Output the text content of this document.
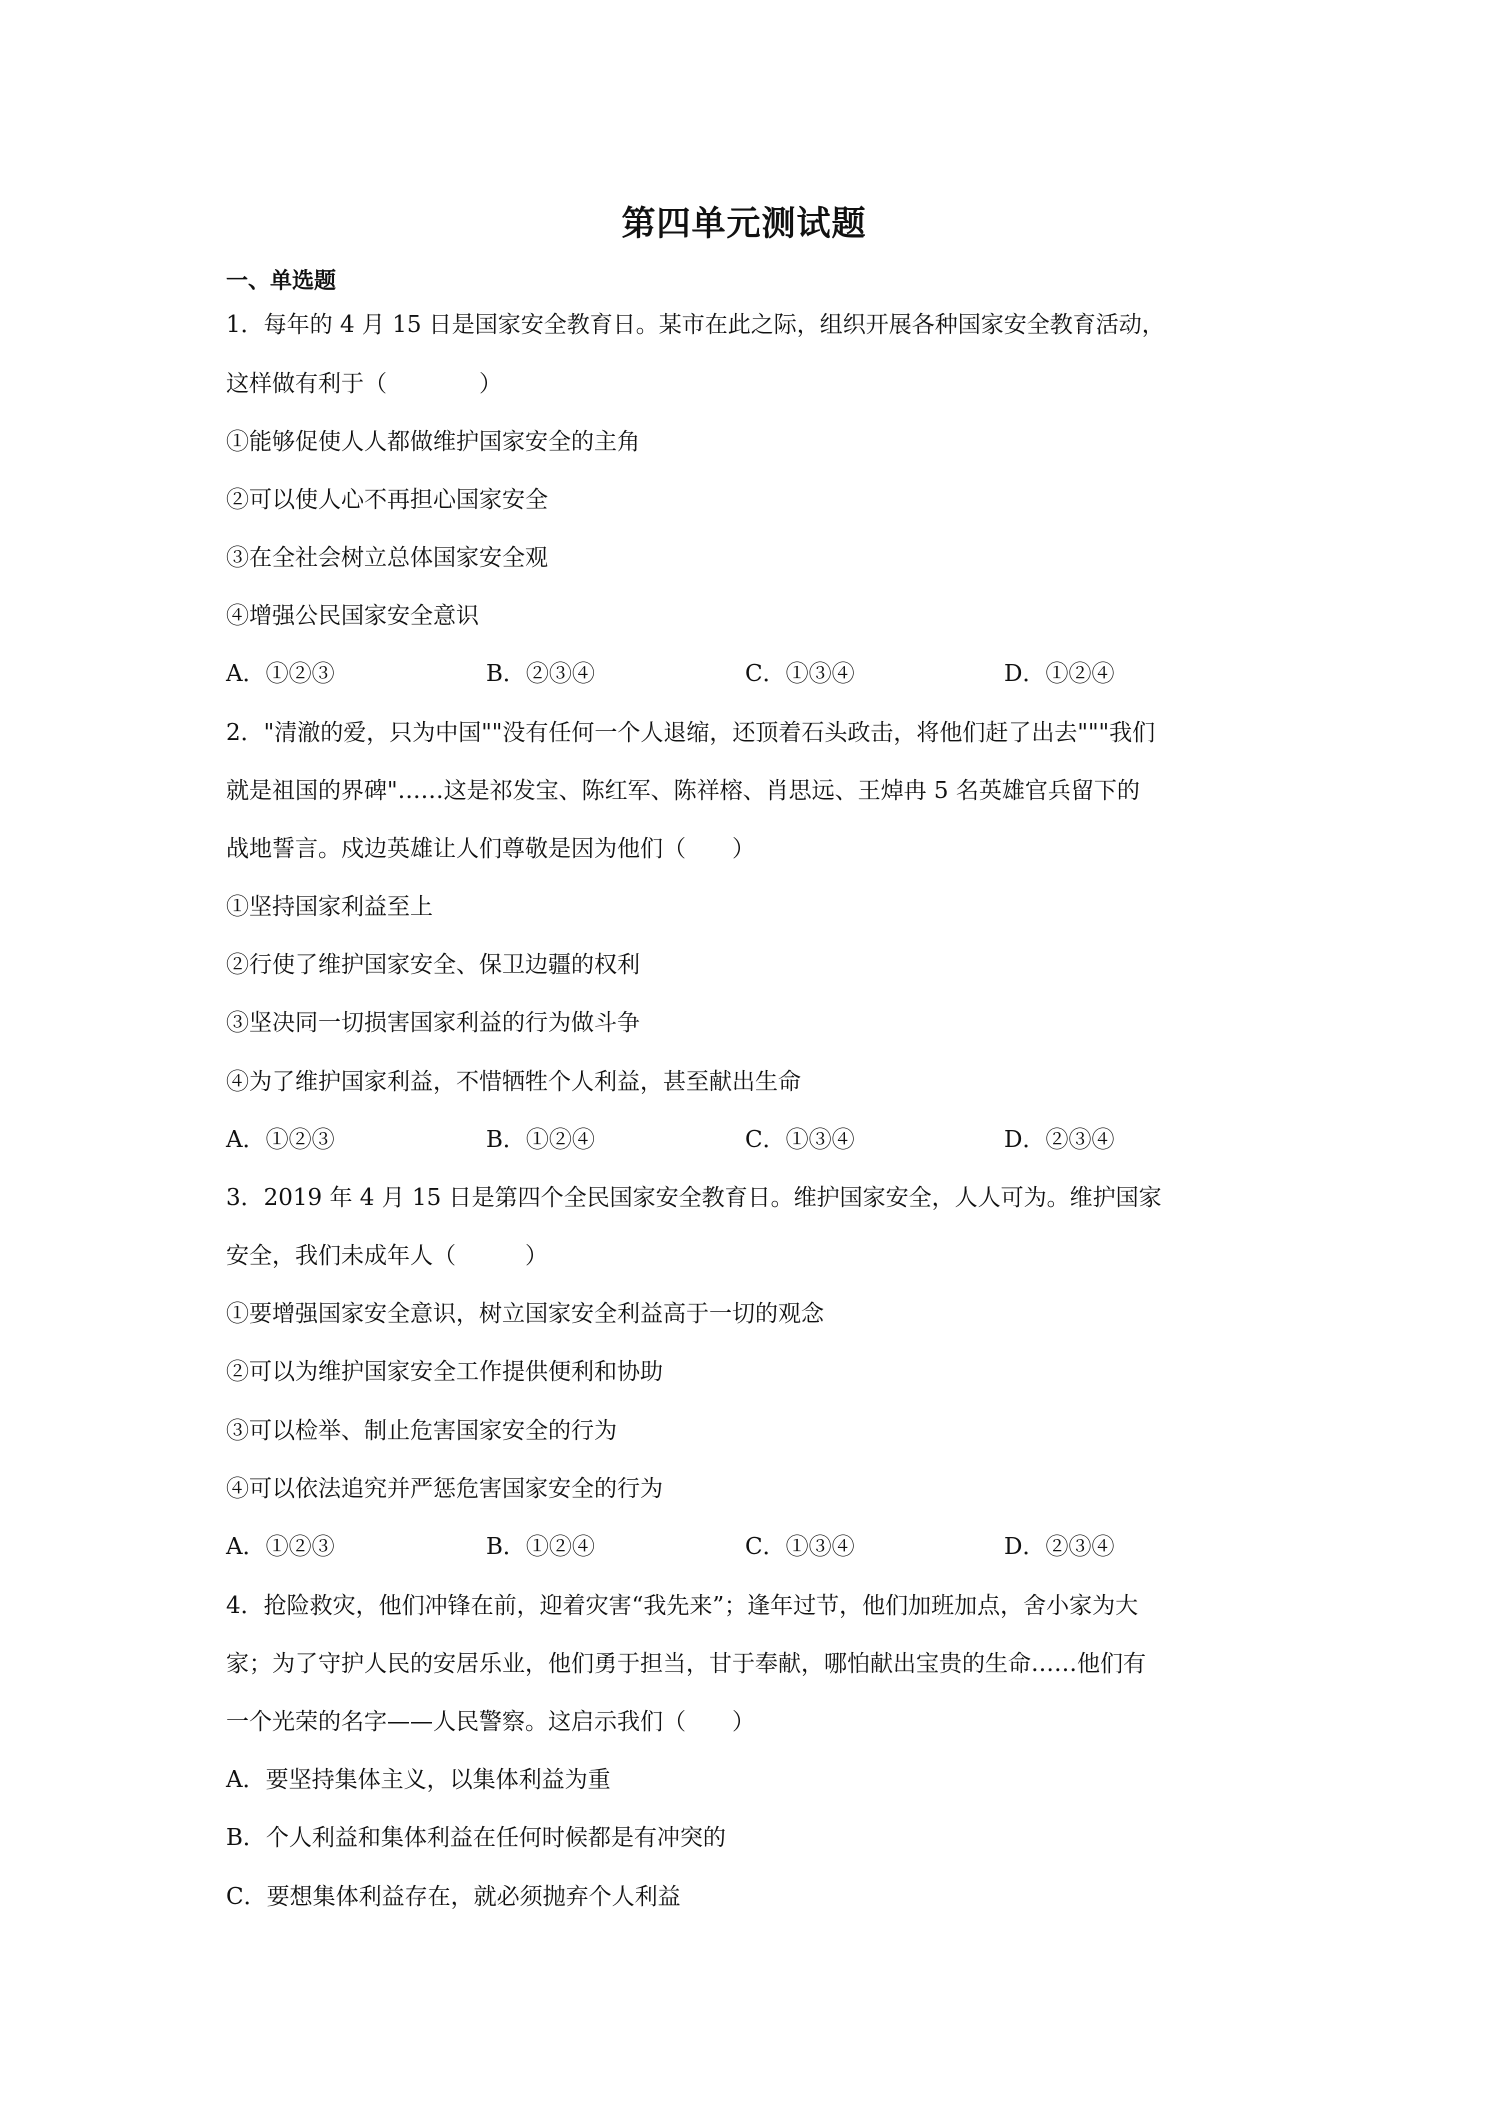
第四单元测试题
一、单选题
1．每年的 4 月 15 日是国家安全教育日。某市在此之际，组织开展各种国家安全教育活动，
这样做有利于（　　　　）
①能够促使人人都做维护国家安全的主角
②可以使人心不再担心国家安全
③在全社会树立总体国家安全观
④增强公民国家安全意识
A．①②③	B．②③④	C．①③④	D．①②④
2．"清澈的爱，只为中国""没有任何一个人退缩，还顶着石头政击，将他们赶了出去"""我们
就是祖国的界碑"……这是祁发宝、陈红军、陈祥榕、肖思远、王焯冉 5 名英雄官兵留下的
战地誓言。戍边英雄让人们尊敬是因为他们（　　）
①坚持国家利益至上
②行使了维护国家安全、保卫边疆的权利
③坚决同一切损害国家利益的行为做斗争
④为了维护国家利益，不惜牺牲个人利益，甚至献出生命
A．①②③	B．①②④	C．①③④	D．②③④
3．2019 年 4 月 15 日是第四个全民国家安全教育日。维护国家安全，人人可为。维护国家
安全，我们未成年人（　　　）
①要增强国家安全意识，树立国家安全利益高于一切的观念
②可以为维护国家安全工作提供便利和协助
③可以检举、制止危害国家安全的行为
④可以依法追究并严惩危害国家安全的行为
A．①②③	B．①②④	C．①③④	D．②③④
4．抢险救灾，他们冲锋在前，迎着灾害“我先来”；逢年过节，他们加班加点，舍小家为大
家；为了守护人民的安居乐业，他们勇于担当，甘于奉献，哪怕献出宝贵的生命……他们有
一个光荣的名字——人民警察。这启示我们（　　）
A．要坚持集体主义，以集体利益为重
B．个人利益和集体利益在任何时候都是有冲突的
C．要想集体利益存在，就必须抛弃个人利益
